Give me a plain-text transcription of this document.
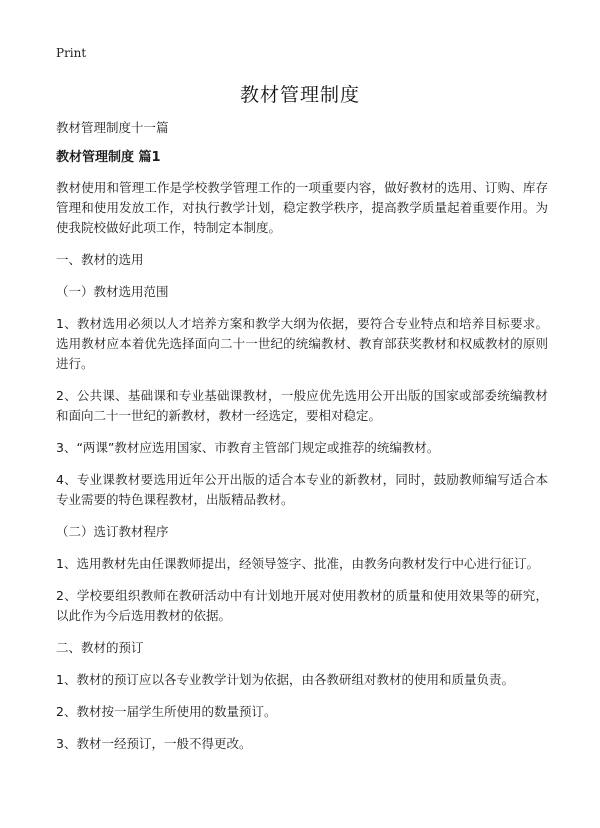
Print
教材管理制度

教材管理制度十一篇

教材管理制度 篇1

教材使用和管理工作是学校教学管理工作的一项重要内容，做好教材的选用、订购、库存管理和使用发放工作，对执行教学计划，稳定教学秩序，提高教学质量起着重要作用。为使我院校做好此项工作，特制定本制度。

一、教材的选用

（一）教材选用范围

1、教材选用必须以人才培养方案和教学大纲为依据，要符合专业特点和培养目标要求。选用教材应本着优先选择面向二十一世纪的统编教材、教育部获奖教材和权威教材的原则进行。

2、公共课、基础课和专业基础课教材，一般应优先选用公开出版的国家或部委统编教材和面向二十一世纪的新教材，教材一经选定，要相对稳定。

3、“两课”教材应选用国家、市教育主管部门规定或推荐的统编教材。

4、专业课教材要选用近年公开出版的适合本专业的新教材，同时，鼓励教师编写适合本专业需要的特色课程教材，出版精品教材。

（二）选订教材程序

1、选用教材先由任课教师提出，经领导签字、批准，由教务向教材发行中心进行征订。

2、学校要组织教师在教研活动中有计划地开展对使用教材的质量和使用效果等的研究，以此作为今后选用教材的依据。

二、教材的预订

1、教材的预订应以各专业教学计划为依据，由各教研组对教材的使用和质量负责。

2、教材按一届学生所使用的数量预订。

3、教材一经预订，一般不得更改。
